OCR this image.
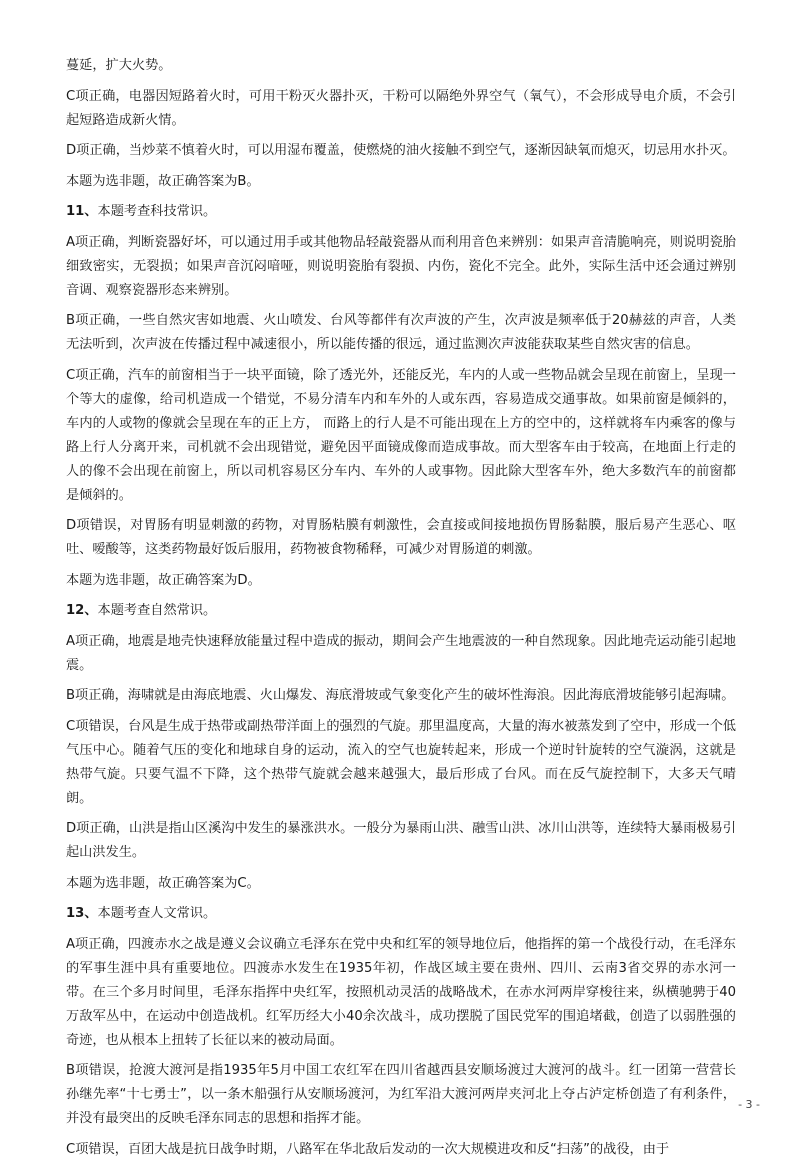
蔓延，扩大火势。

C项正确，电器因短路着火时，可用干粉灭火器扑灭，干粉可以隔绝外界空气（氧气），不会形成导电介质，不会引起短路造成新火情。

D项正确，当炒菜不慎着火时，可以用湿布覆盖，使燃烧的油火接触不到空气，逐渐因缺氧而熄灭，切忌用水扑灭。

本题为选非题，故正确答案为B。

11、本题考查科技常识。

A项正确，判断瓷器好坏，可以通过用手或其他物品轻敲瓷器从而利用音色来辨别：如果声音清脆响亮，则说明瓷胎细致密实，无裂损；如果声音沉闷喑哑，则说明瓷胎有裂损、内伤，瓷化不完全。此外，实际生活中还会通过辨别音调、观察瓷器形态来辨别。

B项正确，一些自然灾害如地震、火山喷发、台风等都伴有次声波的产生，次声波是频率低于20赫兹的声音，人类无法听到，次声波在传播过程中减速很小，所以能传播的很远，通过监测次声波能获取某些自然灾害的信息。

C项正确，汽车的前窗相当于一块平面镜，除了透光外，还能反光，车内的人或一些物品就会呈现在前窗上，呈现一个等大的虚像，给司机造成一个错觉，不易分清车内和车外的人或东西，容易造成交通事故。如果前窗是倾斜的，车内的人或物的像就会呈现在车的正上方， 而路上的行人是不可能出现在上方的空中的，这样就将车内乘客的像与路上行人分离开来，司机就不会出现错觉，避免因平面镜成像而造成事故。而大型客车由于较高，在地面上行走的人的像不会出现在前窗上，所以司机容易区分车内、车外的人或事物。因此除大型客车外，绝大多数汽车的前窗都是倾斜的。

D项错误，对胃肠有明显刺激的药物，对胃肠粘膜有刺激性，会直接或间接地损伤胃肠黏膜，服后易产生恶心、呕吐、嗳酸等，这类药物最好饭后服用，药物被食物稀释，可减少对胃肠道的刺激。

本题为选非题，故正确答案为D。

12、本题考查自然常识。

A项正确，地震是地壳快速释放能量过程中造成的振动，期间会产生地震波的一种自然现象。因此地壳运动能引起地震。

B项正确，海啸就是由海底地震、火山爆发、海底滑坡或气象变化产生的破坏性海浪。因此海底滑坡能够引起海啸。

C项错误，台风是生成于热带或副热带洋面上的强烈的气旋。那里温度高，大量的海水被蒸发到了空中，形成一个低气压中心。随着气压的变化和地球自身的运动，流入的空气也旋转起来，形成一个逆时针旋转的空气漩涡，这就是热带气旋。只要气温不下降，这个热带气旋就会越来越强大，最后形成了台风。而在反气旋控制下，大多天气晴朗。

D项正确，山洪是指山区溪沟中发生的暴涨洪水。一般分为暴雨山洪、融雪山洪、冰川山洪等，连续特大暴雨极易引起山洪发生。

本题为选非题，故正确答案为C。

13、本题考查人文常识。

A项正确，四渡赤水之战是遵义会议确立毛泽东在党中央和红军的领导地位后，他指挥的第一个战役行动，在毛泽东的军事生涯中具有重要地位。四渡赤水发生在1935年初，作战区域主要在贵州、四川、云南3省交界的赤水河一带。在三个多月时间里，毛泽东指挥中央红军，按照机动灵活的战略战术，在赤水河两岸穿梭往来，纵横驰骋于40万敌军丛中，在运动中创造战机。红军历经大小40余次战斗，成功摆脱了国民党军的围追堵截，创造了以弱胜强的奇迹，也从根本上扭转了长征以来的被动局面。

B项错误，抢渡大渡河是指1935年5月中国工农红军在四川省越西县安顺场渡过大渡河的战斗。红一团第一营营长孙继先率“十七勇士”，以一条木船强行从安顺场渡河，为红军沿大渡河两岸夹河北上夺占泸定桥创造了有利条件，并没有最突出的反映毛泽东同志的思想和指挥才能。

C项错误，百团大战是抗日战争时期，八路军在华北敌后发动的一次大规模进攻和反“扫荡”的战役，由于

- 3 -
